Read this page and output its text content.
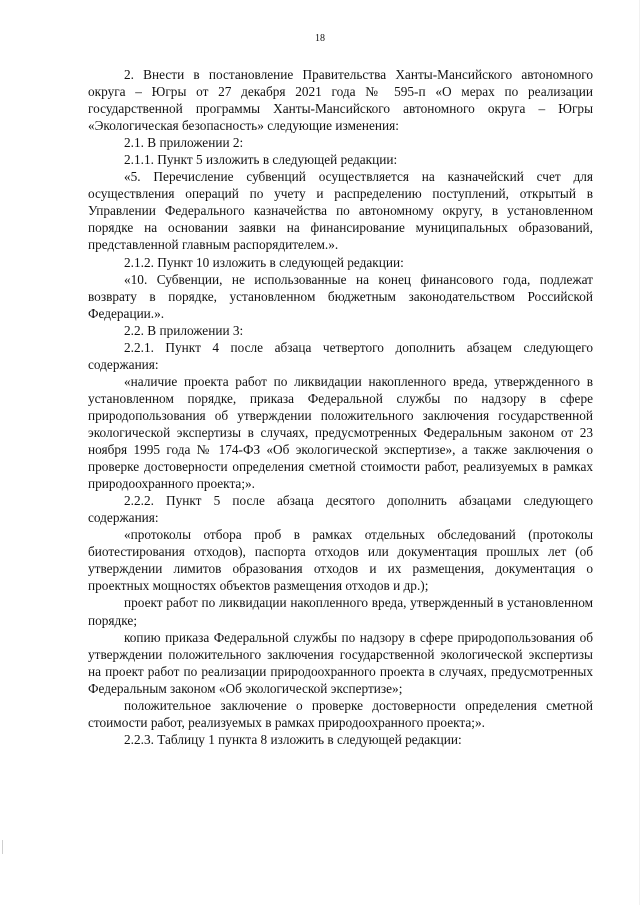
18

2. Внести в постановление Правительства Ханты-Мансийского автономного округа – Югры от 27 декабря 2021 года № 595-п «О мерах по реализации государственной программы Ханты-Мансийского автономного округа – Югры «Экологическая безопасность» следующие изменения:

2.1. В приложении 2:

2.1.1. Пункт 5 изложить в следующей редакции:

«5. Перечисление субвенций осуществляется на казначейский счет для осуществления операций по учету и распределению поступлений, открытый в Управлении Федерального казначейства по автономному округу, в установленном порядке на основании заявки на финансирование муниципальных образований, представленной главным распорядителем.».

2.1.2. Пункт 10 изложить в следующей редакции:

«10. Субвенции, не использованные на конец финансового года, подлежат возврату в порядке, установленном бюджетным законодательством Российской Федерации.».

2.2. В приложении 3:

2.2.1. Пункт 4 после абзаца четвертого дополнить абзацем следующего содержания:

«наличие проекта работ по ликвидации накопленного вреда, утвержденного в установленном порядке, приказа Федеральной службы по надзору в сфере природопользования об утверждении положительного заключения государственной экологической экспертизы в случаях, предусмотренных Федеральным законом от 23 ноября 1995 года № 174-ФЗ «Об экологической экспертизе», а также заключения о проверке достоверности определения сметной стоимости работ, реализуемых в рамках природоохранного проекта;».

2.2.2. Пункт 5 после абзаца десятого дополнить абзацами следующего содержания:

«протоколы отбора проб в рамках отдельных обследований (протоколы биотестирования отходов), паспорта отходов или документация прошлых лет (об утверждении лимитов образования отходов и их размещения, документация о проектных мощностях объектов размещения отходов и др.);

проект работ по ликвидации накопленного вреда, утвержденный в установленном порядке;

копию приказа Федеральной службы по надзору в сфере природопользования об утверждении положительного заключения государственной экологической экспертизы на проект работ по реализации природоохранного проекта в случаях, предусмотренных Федеральным законом «Об экологической экспертизе»;

положительное заключение о проверке достоверности определения сметной стоимости работ, реализуемых в рамках природоохранного проекта;».

2.2.3. Таблицу 1 пункта 8 изложить в следующей редакции:
